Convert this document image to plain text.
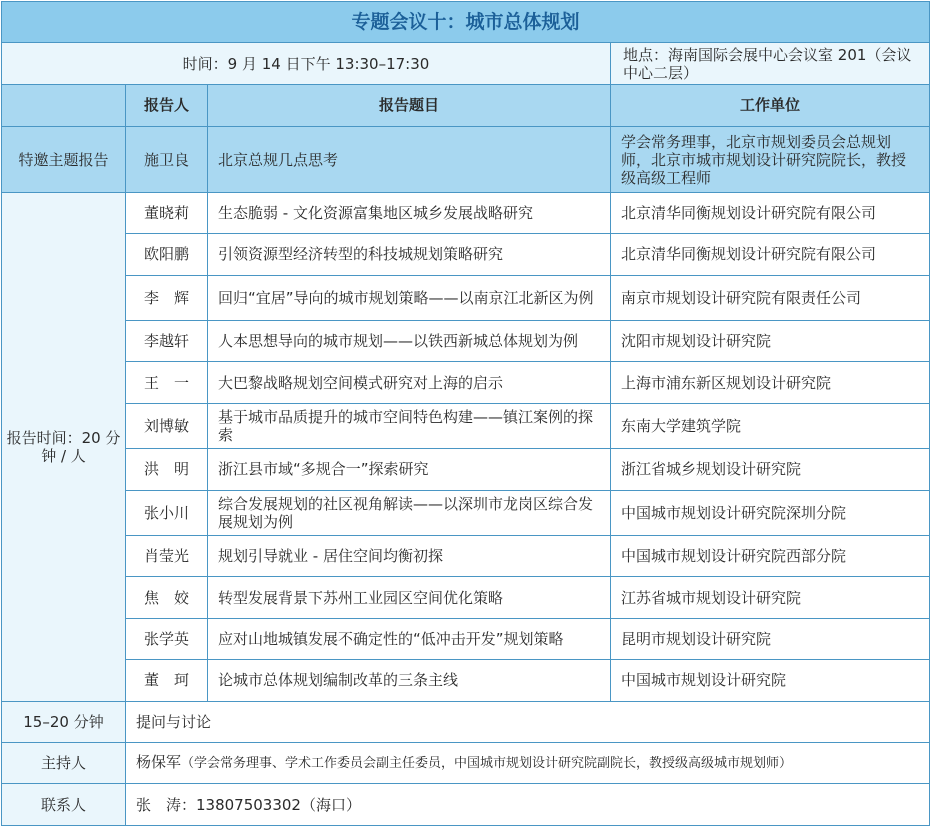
专题会议十：城市总体规划			
时间：9 月 14 日下午 13:30–17:30			地点：海南国际会展中心会议室 201（会议中心二层）
	报告人	报告题目	工作单位
特邀主题报告	施卫良	北京总规几点思考	学会常务理事，北京市规划委员会总规划师，北京市城市规划设计研究院院长，教授级高级工程师
报告时间：20 分钟 / 人	董晓莉	生态脆弱 - 文化资源富集地区城乡发展战略研究	北京清华同衡规划设计研究院有限公司
	欧阳鹏	引领资源型经济转型的科技城规划策略研究	北京清华同衡规划设计研究院有限公司
	李　辉	回归“宜居”导向的城市规划策略——以南京江北新区为例	南京市规划设计研究院有限责任公司
	李越轩	人本思想导向的城市规划——以铁西新城总体规划为例	沈阳市规划设计研究院
	王　一	大巴黎战略规划空间模式研究对上海的启示	上海市浦东新区规划设计研究院
	刘博敏	基于城市品质提升的城市空间特色构建——镇江案例的探索	东南大学建筑学院
	洪　明	浙江县市域“多规合一”探索研究	浙江省城乡规划设计研究院
	张小川	综合发展规划的社区视角解读——以深圳市龙岗区综合发展规划为例	中国城市规划设计研究院深圳分院
	肖莹光	规划引导就业 - 居住空间均衡初探	中国城市规划设计研究院西部分院
	焦　姣	转型发展背景下苏州工业园区空间优化策略	江苏省城市规划设计研究院
	张学英	应对山地城镇发展不确定性的“低冲击开发”规划策略	昆明市规划设计研究院
	董　珂	论城市总体规划编制改革的三条主线	中国城市规划设计研究院
15–20 分钟	提问与讨论		
主持人	杨保军（学会常务理事、学术工作委员会副主任委员，中国城市规划设计研究院副院长，教授级高级城市规划师）		
联系人	张　涛：13807503302（海口）		
